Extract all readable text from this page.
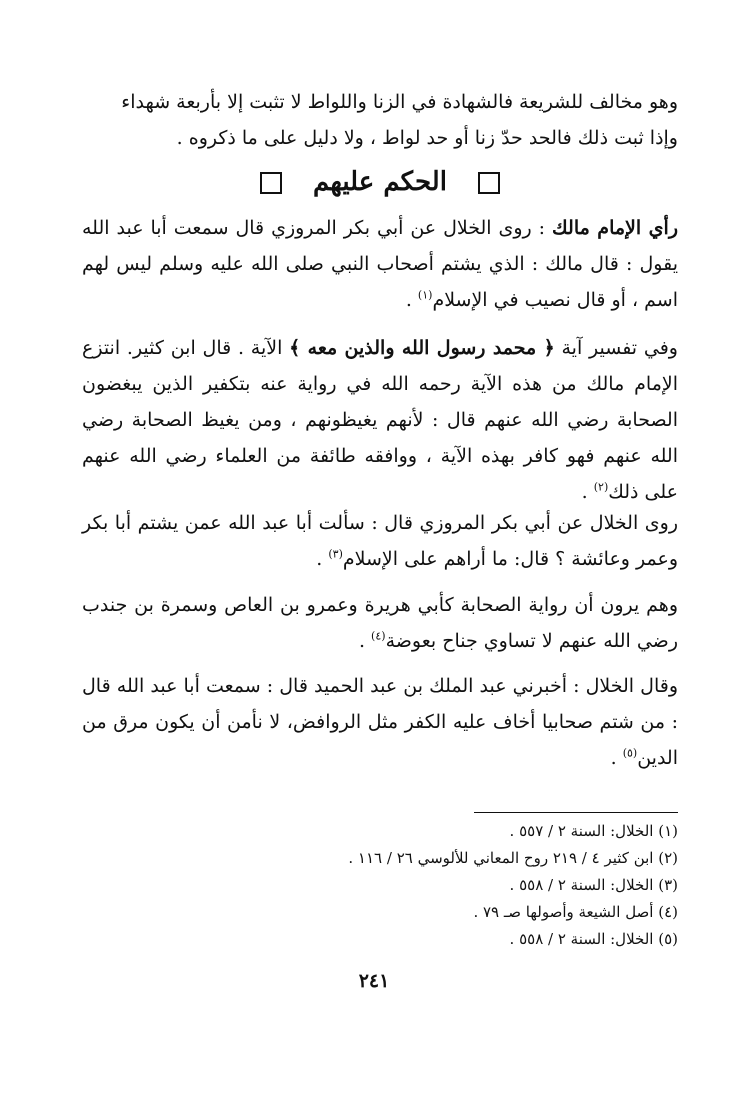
وهو مخالف للشريعة فالشهادة في الزنا واللواط لا تثبت إلا بأربعة شهداء

وإذا ثبت ذلك فالحد حدّ زنا أو حد لواط ، ولا دليل على ما ذكروه .

الحكم عليهم

رأي الإمام مالك : روى الخلال عن أبي بكر المروزي قال سمعت أبا عبد الله يقول : قال مالك : الذي يشتم أصحاب النبي صلى الله عليه وسلم ليس لهم اسم ، أو قال نصيب في الإسلام$^{(١)}$ .

وفي تفسير آية ﴿ محمد رسول الله والذين معه ﴾ الآية . قال ابن كثير. انتزع الإمام مالك من هذه الآية رحمه الله في رواية عنه بتكفير الذين يبغضون الصحابة رضي الله عنهم قال : لأنهم يغيظونهم ، ومن يغيظ الصحابة رضي الله عنهم فهو كافر بهذه الآية ، ووافقه طائفة من العلماء رضي الله عنهم على ذلك$^{(٢)}$ .

روى الخلال عن أبي بكر المروزي قال : سألت أبا عبد الله عمن يشتم أبا بكر وعمر وعائشة ؟ قال: ما أراهم على الإسلام$^{(٣)}$ .

وهم يرون أن رواية الصحابة كأبي هريرة وعمرو بن العاص وسمرة بن جندب رضي الله عنهم لا تساوي جناح بعوضة$^{(٤)}$ .

وقال الخلال : أخبرني عبد الملك بن عبد الحميد قال : سمعت أبا عبد الله قال : من شتم صحابيا أخاف عليه الكفر مثل الروافض، لا نأمن أن يكون مرق من الدين$^{(٥)}$ .

(١) الخلال: السنة ٢ / ٥٥٧ .
(٢) ابن كثير ٤ / ٢١٩ روح المعاني للألوسي ٢٦ / ١١٦ .
(٣) الخلال: السنة ٢ / ٥٥٨ .
(٤) أصل الشيعة وأصولها صـ ٧٩ .
(٥) الخلال: السنة ٢ / ٥٥٨ .
٢٤١
